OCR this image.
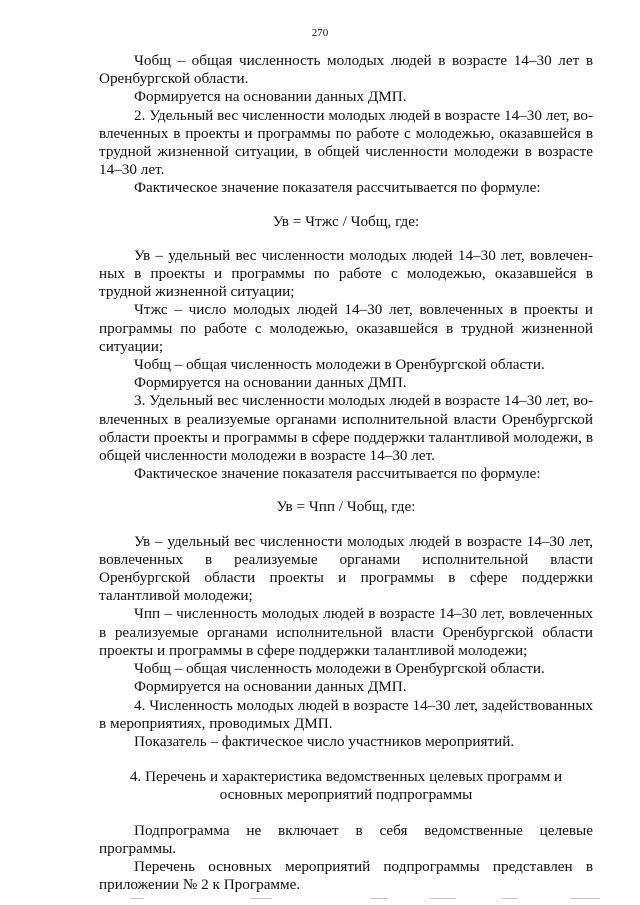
270

Чобщ – общая численность молодых людей в возрасте 14–30 лет в Оренбургской области.

Формируется на основании данных ДМП.

2. Удельный вес численности молодых людей в возрасте 14–30 лет, вовлеченных в проекты и программы по работе с молодежью, оказавшейся в трудной жизненной ситуации, в общей численности молодежи в возрасте 14–30 лет.

Фактическое значение показателя рассчитывается по формуле:

Ув = Чтжс / Чобщ, где:

Ув – удельный вес численности молодых людей 14–30 лет, вовлеченных в проекты и программы по работе с молодежью, оказавшейся в трудной жизненной ситуации;

Чтжс – число молодых людей 14–30 лет, вовлеченных в проекты и программы по работе с молодежью, оказавшейся в трудной жизненной ситуации;

Чобщ – общая численность молодежи в Оренбургской области.

Формируется на основании данных ДМП.

3. Удельный вес численности молодых людей в возрасте 14–30 лет, вовлеченных в реализуемые органами исполнительной власти Оренбургской области проекты и программы в сфере поддержки талантливой молодежи, в общей численности молодежи в возрасте 14–30 лет.

Фактическое значение показателя рассчитывается по формуле:

Ув = Чпп / Чобщ, где:

Ув – удельный вес численности молодых людей в возрасте 14–30 лет, вовлеченных в реализуемые органами исполнительной власти Оренбургской области проекты и программы в сфере поддержки талантливой молодежи;

Чпп – численность молодых людей в возрасте 14–30 лет, вовлеченных в реализуемые органами исполнительной власти Оренбургской области проекты и программы в сфере поддержки талантливой молодежи;

Чобщ – общая численность молодежи в Оренбургской области.

Формируется на основании данных ДМП.

4. Численность молодых людей в возрасте 14–30 лет, задействованных в мероприятиях, проводимых ДМП.

Показатель – фактическое число участников мероприятий.

4. Перечень и характеристика ведомственных целевых программ и
основных мероприятий подпрограммы

Подпрограмма не включает в себя ведомственные целевые программы.

Перечень основных мероприятий подпрограммы представлен в приложении № 2 к Программе.
